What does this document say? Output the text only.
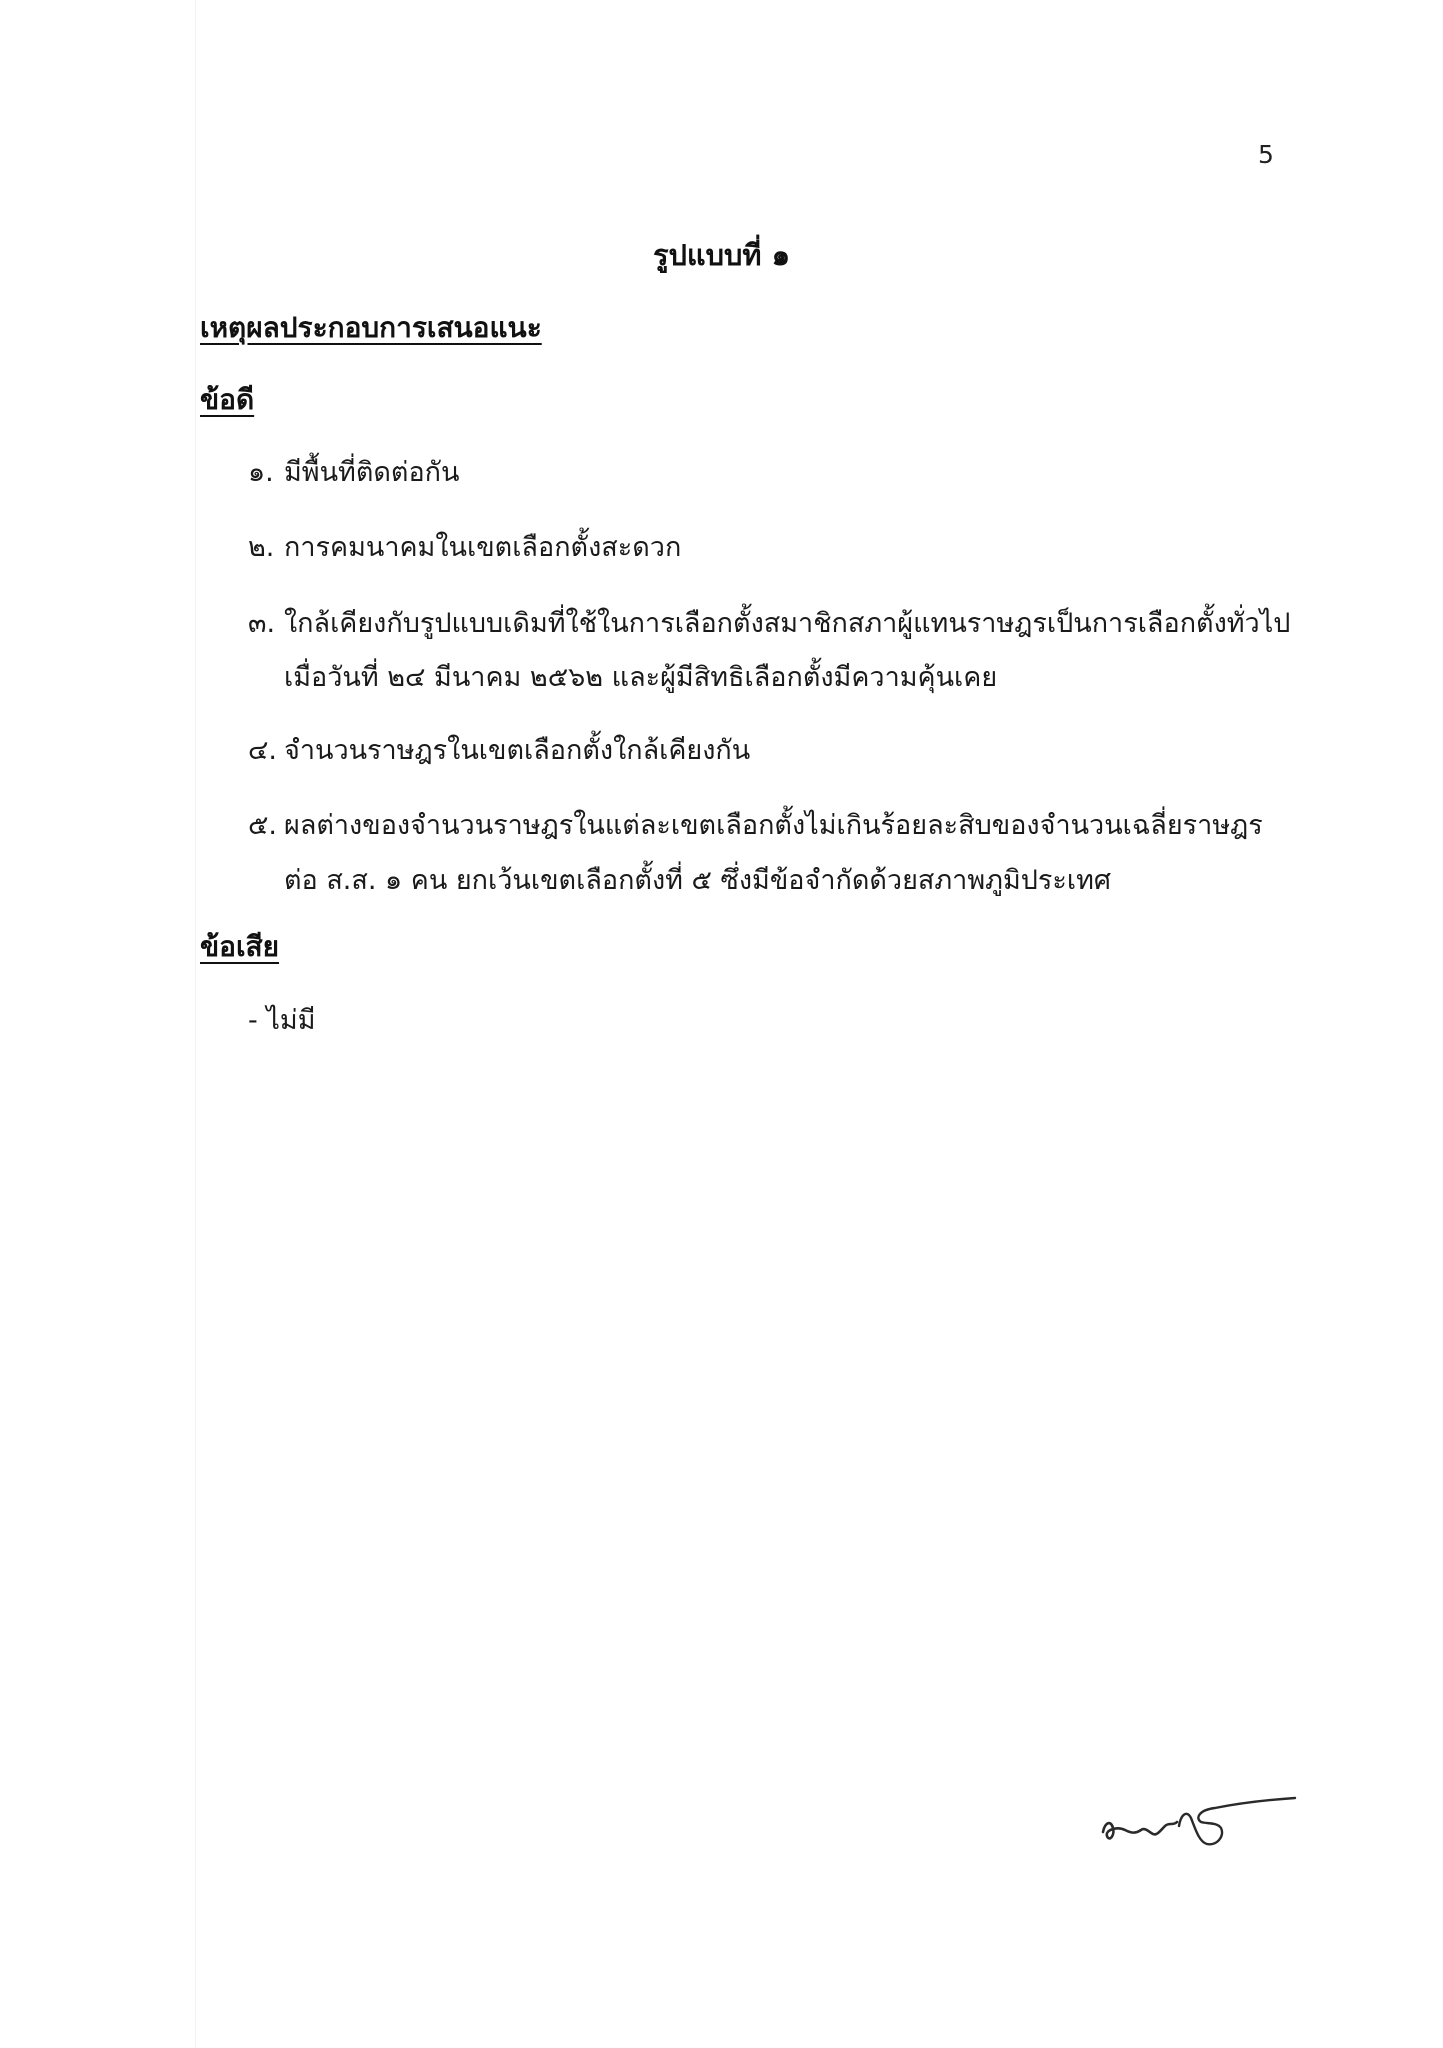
5
รูปแบบที่ ๑
เหตุผลประกอบการเสนอแนะ
ข้อดี
๑. มีพื้นที่ติดต่อกัน
๒. การคมนาคมในเขตเลือกตั้งสะดวก
๓. ใกล้เคียงกับรูปแบบเดิมที่ใช้ในการเลือกตั้งสมาชิกสภาผู้แทนราษฎรเป็นการเลือกตั้งทั่วไป
เมื่อวันที่ ๒๔ มีนาคม ๒๕๖๒ และผู้มีสิทธิเลือกตั้งมีความคุ้นเคย
๔. จำนวนราษฎรในเขตเลือกตั้งใกล้เคียงกัน
๕. ผลต่างของจำนวนราษฎรในแต่ละเขตเลือกตั้งไม่เกินร้อยละสิบของจำนวนเฉลี่ยราษฎร
ต่อ ส.ส. ๑ คน ยกเว้นเขตเลือกตั้งที่ ๕ ซึ่งมีข้อจำกัดด้วยสภาพภูมิประเทศ
ข้อเสีย
- ไม่มี
